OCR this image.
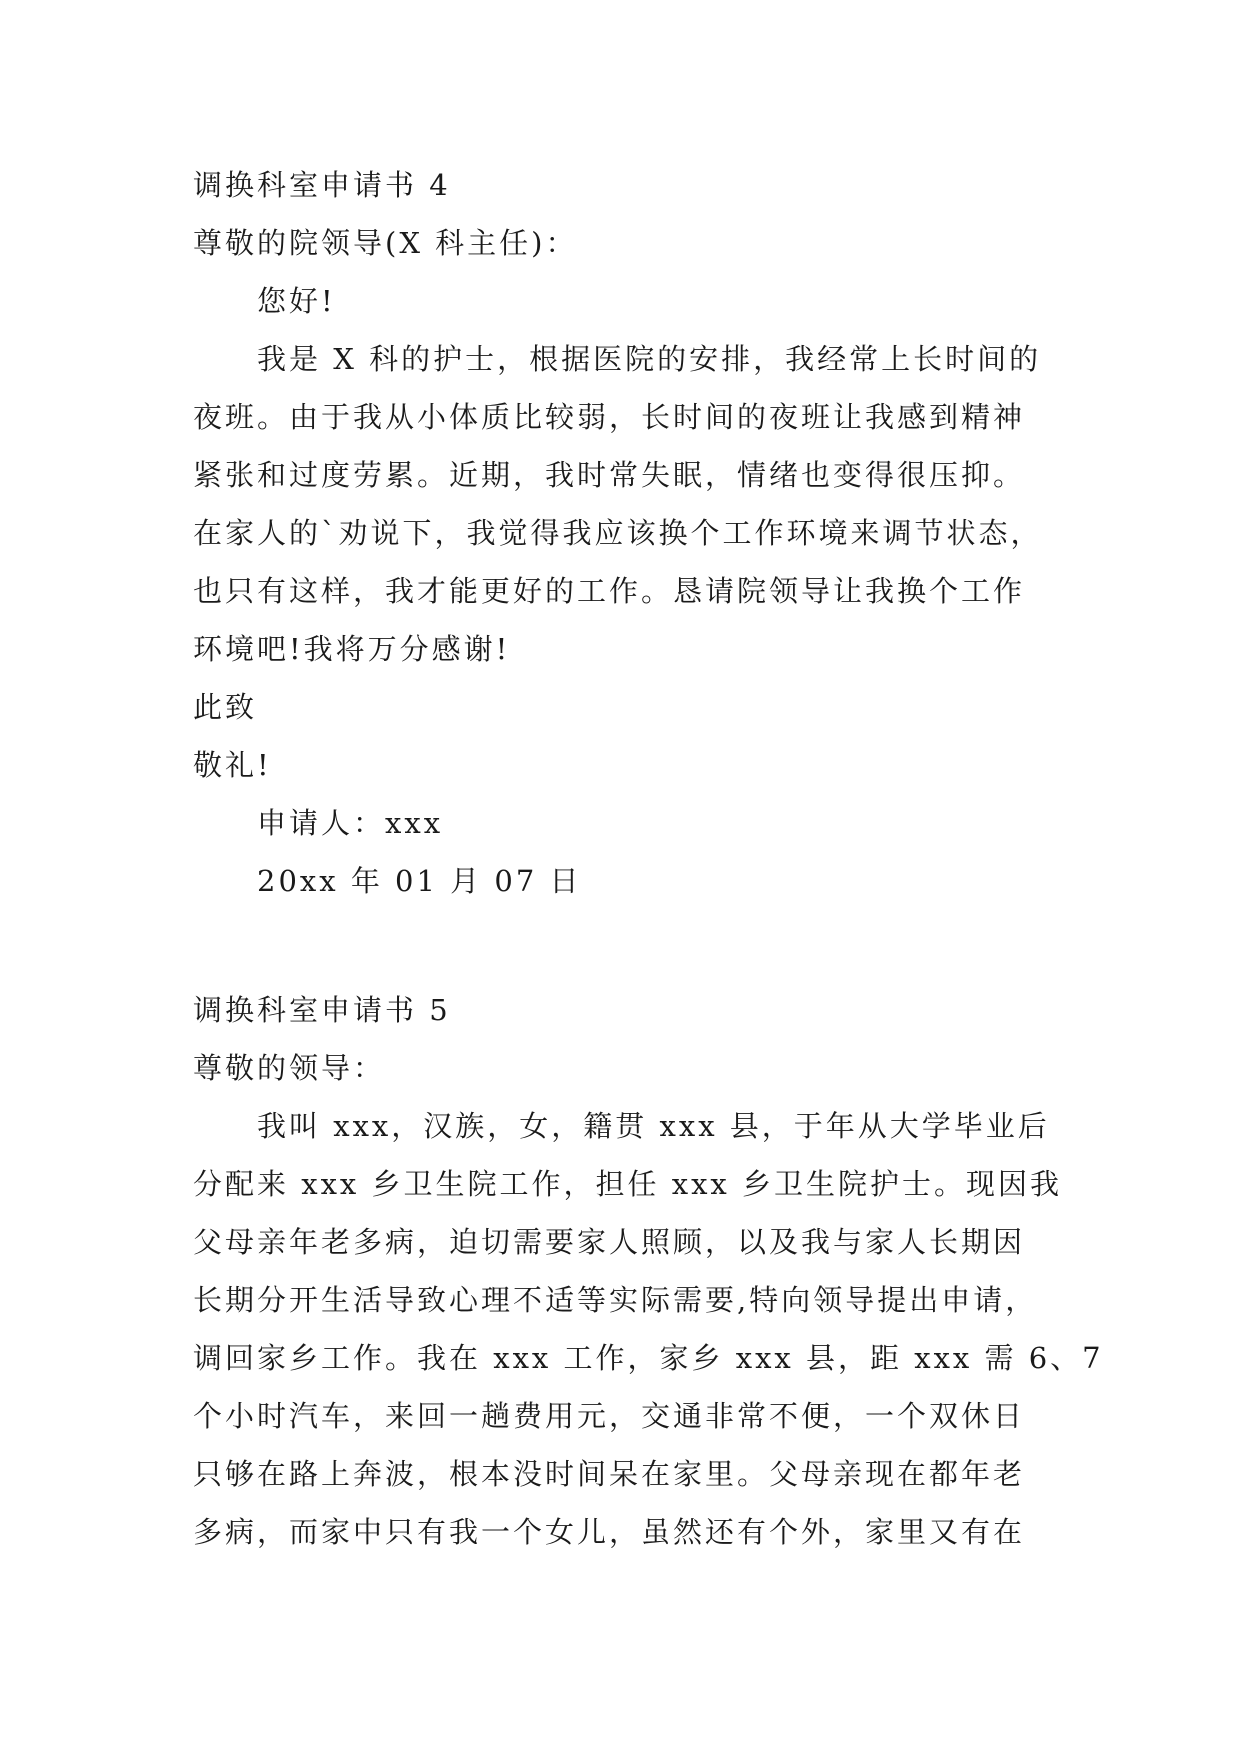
调换科室申请书 4
尊敬的院领导(X 科主任)：
您好!
我是 X 科的护士，根据医院的安排，我经常上长时间的
夜班。由于我从小体质比较弱，长时间的夜班让我感到精神
紧张和过度劳累。近期，我时常失眠，情绪也变得很压抑。
在家人的`劝说下，我觉得我应该换个工作环境来调节状态，
也只有这样，我才能更好的工作。恳请院领导让我换个工作
环境吧!我将万分感谢!
此致
敬礼!
申请人：xxx
20xx 年 01 月 07 日
调换科室申请书 5
尊敬的领导：
我叫 xxx，汉族，女，籍贯 xxx 县，于年从大学毕业后
分配来 xxx 乡卫生院工作，担任 xxx 乡卫生院护士。现因我
父母亲年老多病，迫切需要家人照顾，以及我与家人长期因
长期分开生活导致心理不适等实际需要,特向领导提出申请，
调回家乡工作。我在 xxx 工作，家乡 xxx 县，距 xxx 需 6、7
个小时汽车，来回一趟费用元，交通非常不便，一个双休日
只够在路上奔波，根本没时间呆在家里。父母亲现在都年老
多病，而家中只有我一个女儿，虽然还有个外，家里又有在
